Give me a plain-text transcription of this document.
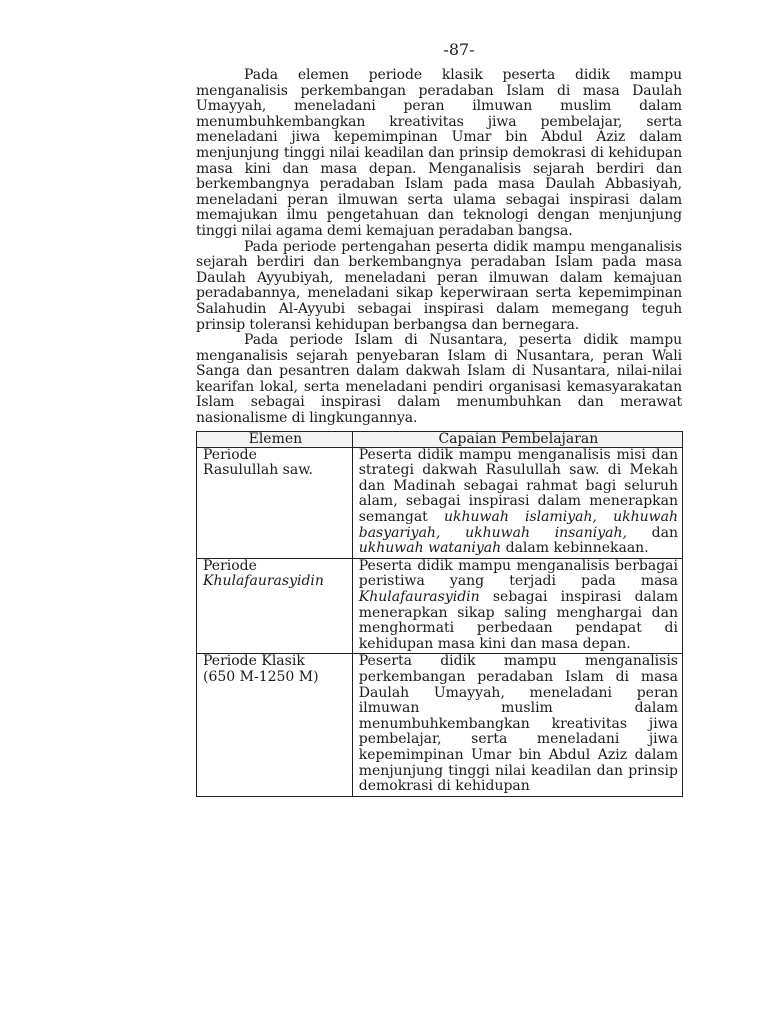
-87-

Pada elemen periode klasik peserta didik mampu menganalisis perkembangan peradaban Islam di masa Daulah Umayyah, meneladani peran ilmuwan muslim dalam menumbuhkembangkan kreativitas jiwa pembelajar, serta meneladani jiwa kepemimpinan Umar bin Abdul Aziz dalam menjunjung tinggi nilai keadilan dan prinsip demokrasi di kehidupan masa kini dan masa depan. Menganalisis sejarah berdiri dan berkembangnya peradaban Islam pada masa Daulah Abbasiyah, meneladani peran ilmuwan serta ulama sebagai inspirasi dalam memajukan ilmu pengetahuan dan teknologi dengan menjunjung tinggi nilai agama demi kemajuan peradaban bangsa.

Pada periode pertengahan peserta didik mampu menganalisis sejarah berdiri dan berkembangnya peradaban Islam pada masa Daulah Ayyubiyah, meneladani peran ilmuwan dalam kemajuan peradabannya, meneladani sikap keperwiraan serta kepemimpinan Salahudin Al-Ayyubi sebagai inspirasi dalam memegang teguh prinsip toleransi kehidupan berbangsa dan bernegara.

Pada periode Islam di Nusantara, peserta didik mampu menganalisis sejarah penyebaran Islam di Nusantara, peran Wali Sanga dan pesantren dalam dakwah Islam di Nusantara, nilai-nilai kearifan lokal, serta meneladani pendiri organisasi kemasyarakatan Islam sebagai inspirasi dalam menumbuhkan dan merawat nasionalisme di lingkungannya.

Elemen	Capaian Pembelajaran
Periode
Rasulullah saw.	Peserta didik mampu menganalisis misi dan strategi dakwah Rasulullah saw. di Mekah dan Madinah sebagai rahmat bagi seluruh alam, sebagai inspirasi dalam menerapkan semangat ukhuwah islamiyah, ukhuwah basyariyah, ukhuwah insaniyah, dan ukhuwah wataniyah dalam kebinnekaan.
Periode
Khulafaurasyidin	Peserta didik mampu menganalisis berbagai peristiwa yang terjadi pada masa Khulafaurasyidin sebagai inspirasi dalam menerapkan sikap saling menghargai dan menghormati perbedaan pendapat di kehidupan masa kini dan masa depan.

Periode Klasik
(650 M-1250 M)	Peserta didik mampu menganalisis perkembangan peradaban Islam di masa Daulah Umayyah, meneladani peran ilmuwan muslim dalam menumbuhkembangkan kreativitas jiwa pembelajar, serta meneladani jiwa kepemimpinan Umar bin Abdul Aziz dalam menjunjung tinggi nilai keadilan dan prinsip demokrasi di kehidupan
